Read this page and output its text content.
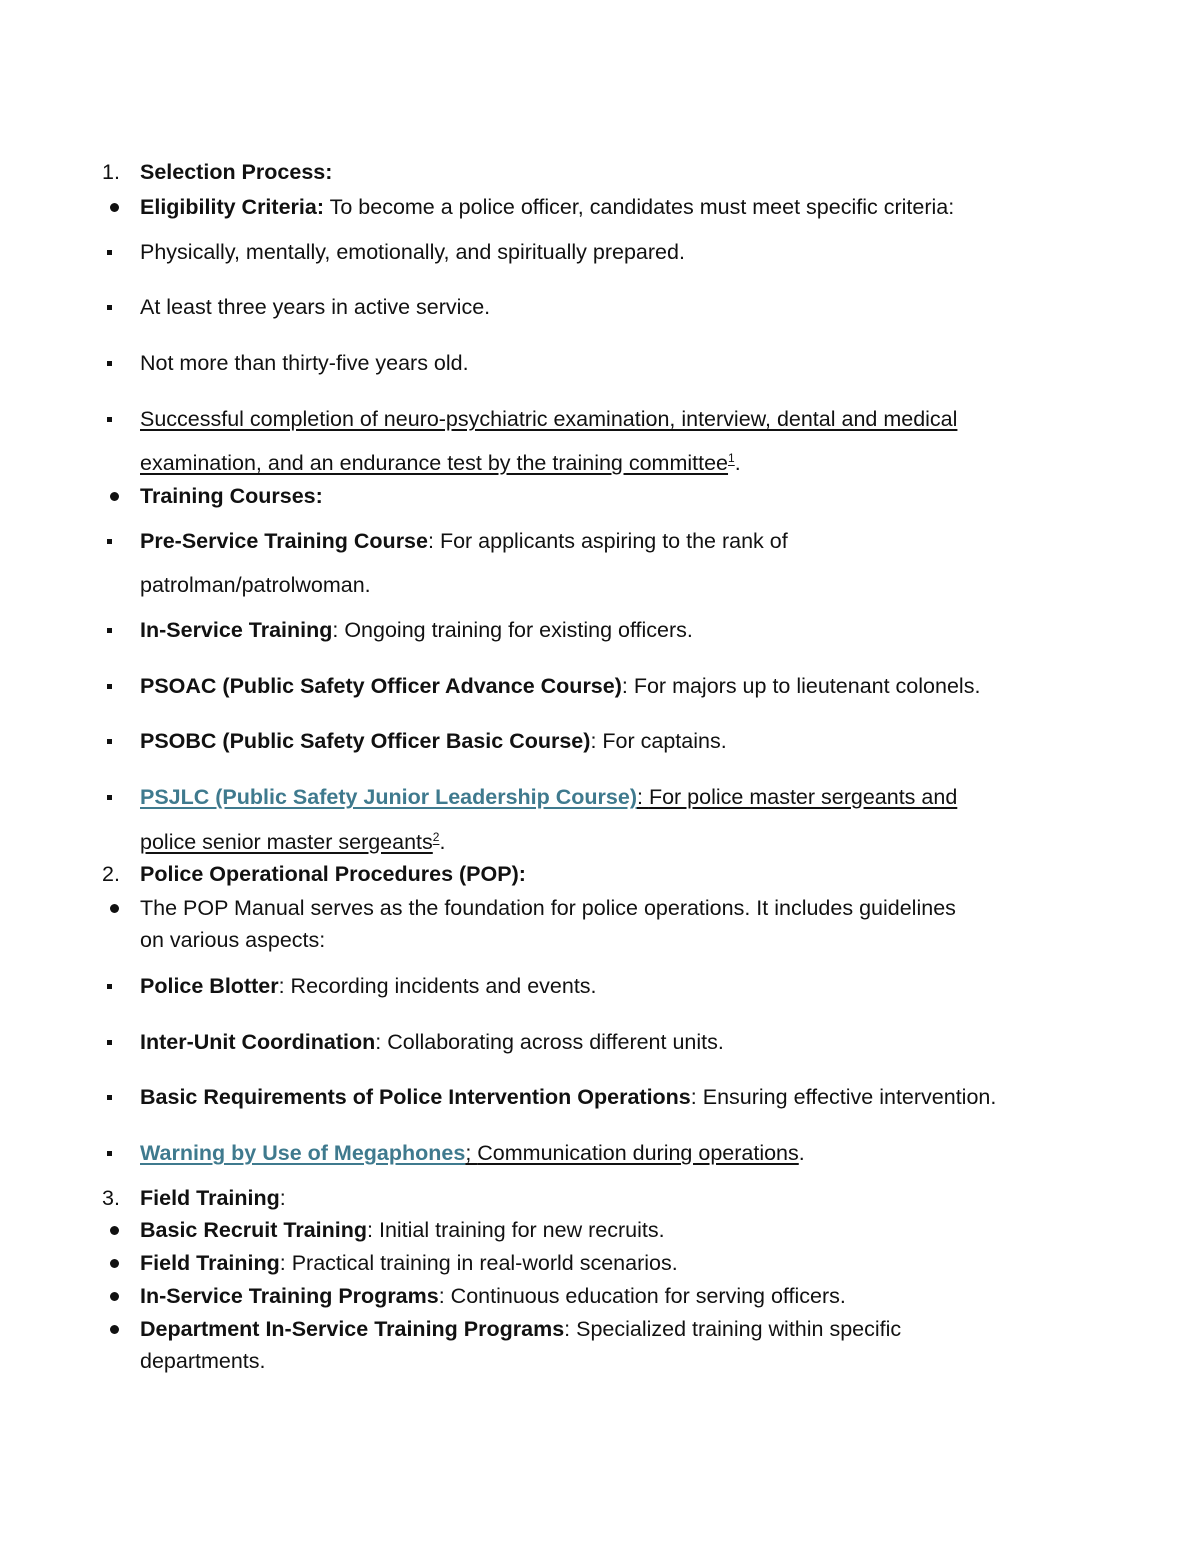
1. Selection Process:
Eligibility Criteria: To become a police officer, candidates must meet specific criteria:
Physically, mentally, emotionally, and spiritually prepared.
At least three years in active service.
Not more than thirty-five years old.
Successful completion of neuro-psychiatric examination, interview, dental and medical
examination, and an endurance test by the training committee$^1$.
Training Courses:
Pre-Service Training Course: For applicants aspiring to the rank of
patrolman/patrolwoman.
In-Service Training: Ongoing training for existing officers.
PSOAC (Public Safety Officer Advance Course): For majors up to lieutenant colonels.
PSOBC (Public Safety Officer Basic Course): For captains.
PSJLC (Public Safety Junior Leadership Course): For police master sergeants and
police senior master sergeants$^2$.
2. Police Operational Procedures (POP):
The POP Manual serves as the foundation for police operations. It includes guidelines
on various aspects:
Police Blotter: Recording incidents and events.
Inter-Unit Coordination: Collaborating across different units.
Basic Requirements of Police Intervention Operations: Ensuring effective intervention.
Warning by Use of Megaphones; Communication during operations.
3. Field Training:
Basic Recruit Training: Initial training for new recruits.
Field Training: Practical training in real-world scenarios.
In-Service Training Programs: Continuous education for serving officers.
Department In-Service Training Programs: Specialized training within specific
departments.
